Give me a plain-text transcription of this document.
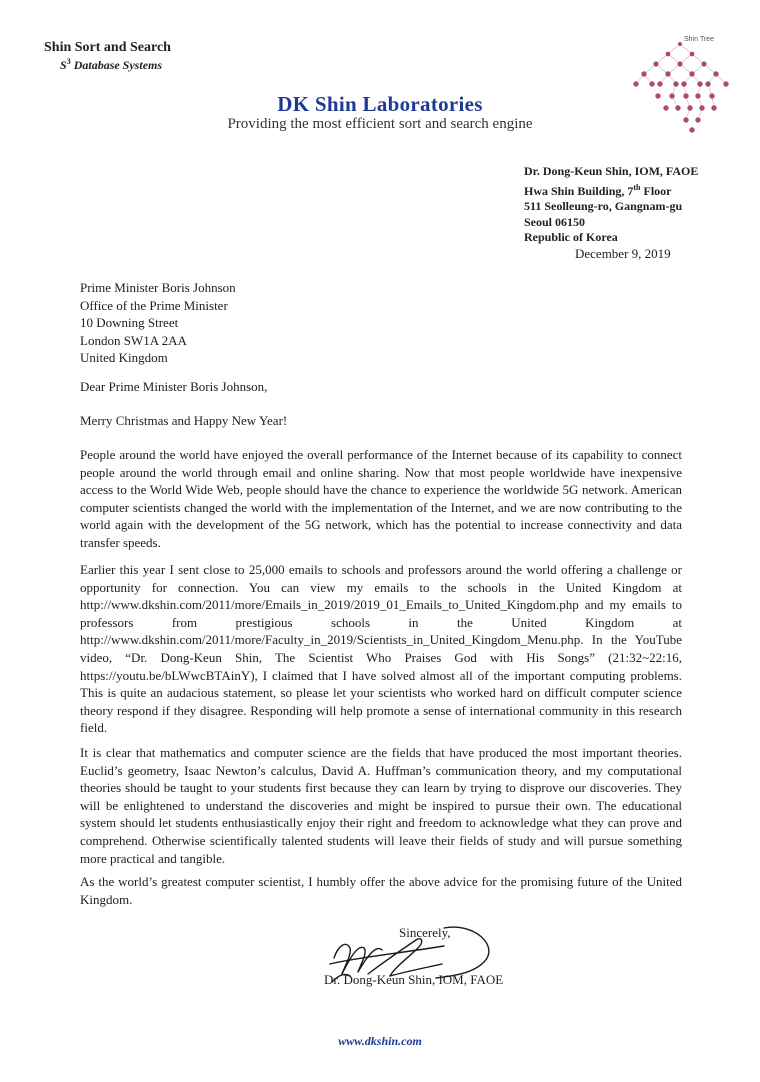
Shin Sort and Search
$S^3$ Database Systems
DK Shin Laboratories
Providing the most efficient sort and search engine
Shin Tree
Dr. Dong-Keun Shin, IOM, FAOE
Hwa Shin Building, 7th Floor
511 Seolleung-ro, Gangnam-gu
Seoul 06150
Republic of Korea
December 9, 2019
Prime Minister Boris Johnson
Office of the Prime Minister
10 Downing Street
London SW1A 2AA
United Kingdom
Dear Prime Minister Boris Johnson,
Merry Christmas and Happy New Year!
People around the world have enjoyed the overall performance of the Internet because of its capability to connect people around the world through email and online sharing. Now that most people worldwide have inexpensive access to the World Wide Web, people should have the chance to experience the worldwide 5G network. American computer scientists changed the world with the implementation of the Internet, and we are now contributing to the world again with the development of the 5G network, which has the potential to increase connectivity and data transfer speeds.
Earlier this year I sent close to 25,000 emails to schools and professors around the world offering a challenge or opportunity for connection. You can view my emails to the schools in the United Kingdom at http://www.dkshin.com/2011/more/Emails_in_2019/2019_01_Emails_to_United_Kingdom.php and my emails to professors from prestigious schools in the United Kingdom at http://www.dkshin.com/2011/more/Faculty_in_2019/Scientists_in_United_Kingdom_Menu.php. In the YouTube video, “Dr. Dong-Keun Shin, The Scientist Who Praises God with His Songs” (21:32~22:16, https://youtu.be/bLWwcBTAinY), I claimed that I have solved almost all of the important computing problems. This is quite an audacious statement, so please let your scientists who worked hard on difficult computer science theory respond if they disagree. Responding will help promote a sense of international community in this research field.
It is clear that mathematics and computer science are the fields that have produced the most important theories. Euclid’s geometry, Isaac Newton’s calculus, David A. Huffman’s communication theory, and my computational theories should be taught to your students first because they can learn by trying to disprove our discoveries. They will be enlightened to understand the discoveries and might be inspired to pursue their own. The educational system should let students enthusiastically enjoy their right and freedom to acknowledge what they can prove and comprehend. Otherwise scientifically talented students will leave their fields of study and will pursue something more practical and tangible.
As the world’s greatest computer scientist, I humbly offer the above advice for the promising future of the United Kingdom.
Sincerely,
Dr. Dong-Keun Shin, IOM, FAOE
www.dkshin.com
